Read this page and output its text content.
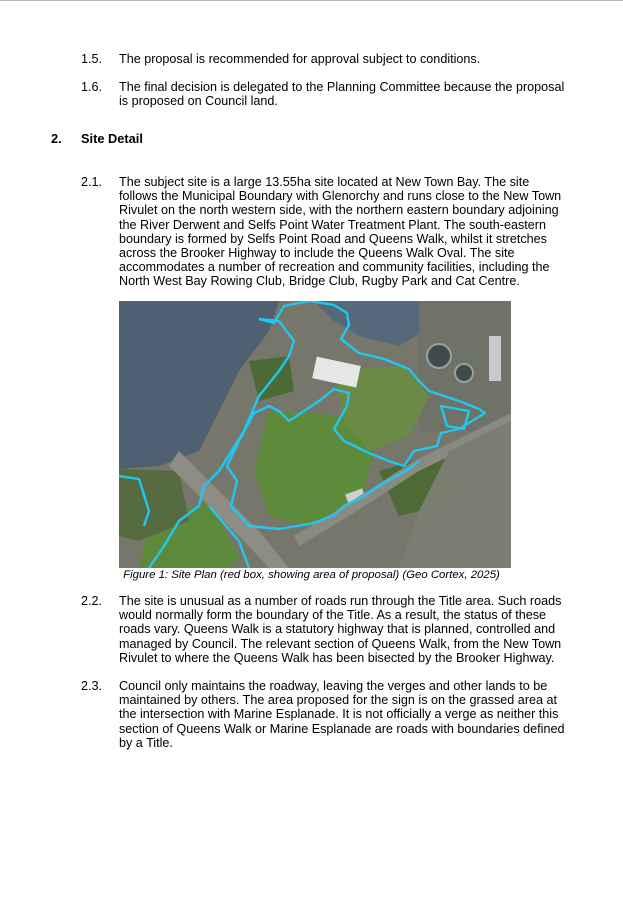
1.5. The proposal is recommended for approval subject to conditions.
1.6. The final decision is delegated to the Planning Committee because the proposal
is proposed on Council land.
2. Site Detail
2.1. The subject site is a large 13.55ha site located at New Town Bay. The site
follows the Municipal Boundary with Glenorchy and runs close to the New Town
Rivulet on the north western side, with the northern eastern boundary adjoining
the River Derwent and Selfs Point Water Treatment Plant. The south-eastern
boundary is formed by Selfs Point Road and Queens Walk, whilst it stretches
across the Brooker Highway to include the Queens Walk Oval. The site
accommodates a number of recreation and community facilities, including the
North West Bay Rowing Club, Bridge Club, Rugby Park and Cat Centre.
Figure 1: Site Plan (red box, showing area of proposal) (Geo Cortex, 2025)
2.2. The site is unusual as a number of roads run through the Title area. Such roads
would normally form the boundary of the Title. As a result, the status of these
roads vary. Queens Walk is a statutory highway that is planned, controlled and
managed by Council. The relevant section of Queens Walk, from the New Town
Rivulet to where the Queens Walk has been bisected by the Brooker Highway.
2.3. Council only maintains the roadway, leaving the verges and other lands to be
maintained by others. The area proposed for the sign is on the grassed area at
the intersection with Marine Esplanade. It is not officially a verge as neither this
section of Queens Walk or Marine Esplanade are roads with boundaries defined
by a Title.
